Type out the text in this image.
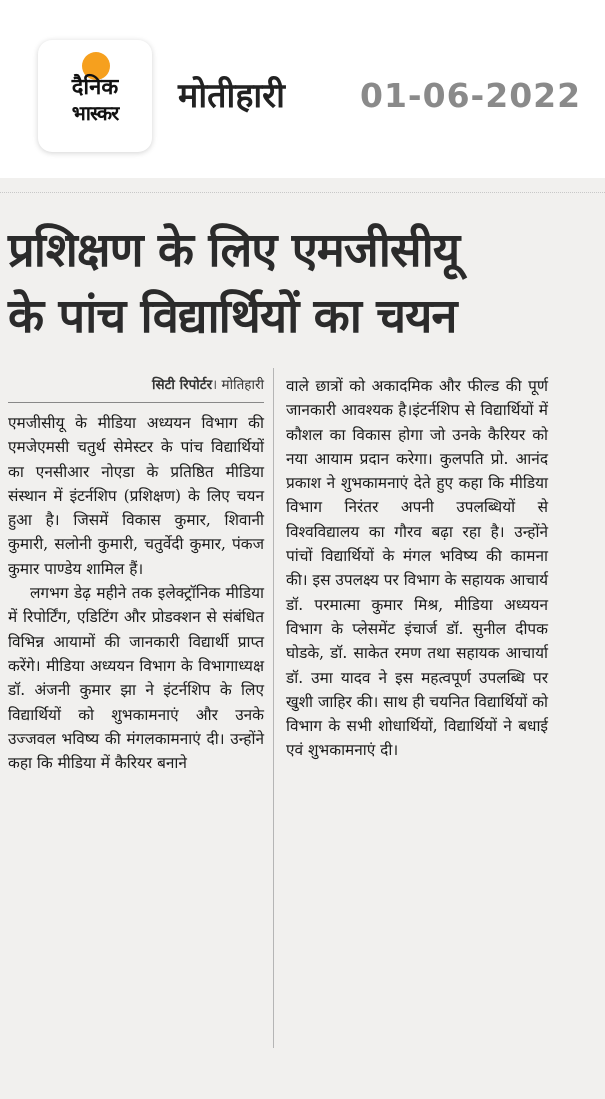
दैनिक
भास्कर	मोतीहारी 01-06-2022
प्रशिक्षण के लिए एमजीसीयू
के पांच विद्यार्थियों का चयन
सिटी रिपोर्टर। मोतिहारी

एमजीसीयू के मीडिया अध्ययन विभाग की एमजेएमसी चतुर्थ सेमेस्टर के पांच विद्यार्थियों का एनसीआर नोएडा के प्रतिष्ठित मीडिया संस्थान में इंटर्नशिप (प्रशिक्षण) के लिए चयन हुआ है। जिसमें विकास कुमार, शिवानी कुमारी, सलोनी कुमारी, चतुर्वेदी कुमार, पंकज कुमार पाण्डेय शामिल हैं।

लगभग डेढ़ महीने तक इलेक्ट्रॉनिक मीडिया में रिपोर्टिंग, एडिटिंग और प्रोडक्शन से संबंधित विभिन्न आयामों की जानकारी विद्यार्थी प्राप्त करेंगे। मीडिया अध्ययन विभाग के विभागाध्यक्ष डॉ. अंजनी कुमार झा ने इंटर्नशिप के लिए विद्यार्थियों को शुभकामनाएं और उनके उज्जवल भविष्य की मंगलकामनाएं दी। उन्होंने कहा कि मीडिया में कैरियर बनाने

वाले छात्रों को अकादमिक और फील्ड की पूर्ण जानकारी आवश्यक है।इंटर्नशिप से विद्यार्थियों में कौशल का विकास होगा जो उनके कैरियर को नया आयाम प्रदान करेगा। कुलपति प्रो. आनंद प्रकाश ने शुभकामनाएं देते हुए कहा कि मीडिया विभाग निरंतर अपनी उपलब्धियों से विश्वविद्यालय का गौरव बढ़ा रहा है। उन्होंने पांचों विद्यार्थियों के मंगल भविष्य की कामना की। इस उपलक्ष्य पर विभाग के सहायक आचार्य डॉ. परमात्मा कुमार मिश्र, मीडिया अध्ययन विभाग के प्लेसमेंट इंचार्ज डॉ. सुनील दीपक घोडके, डॉ. साकेत रमण तथा सहायक आचार्या डॉ. उमा यादव ने इस महत्वपूर्ण उपलब्धि पर खुशी जाहिर की। साथ ही चयनित विद्यार्थियों को विभाग के सभी शोधार्थियों, विद्यार्थियों ने बधाई एवं शुभकामनाएं दी।
